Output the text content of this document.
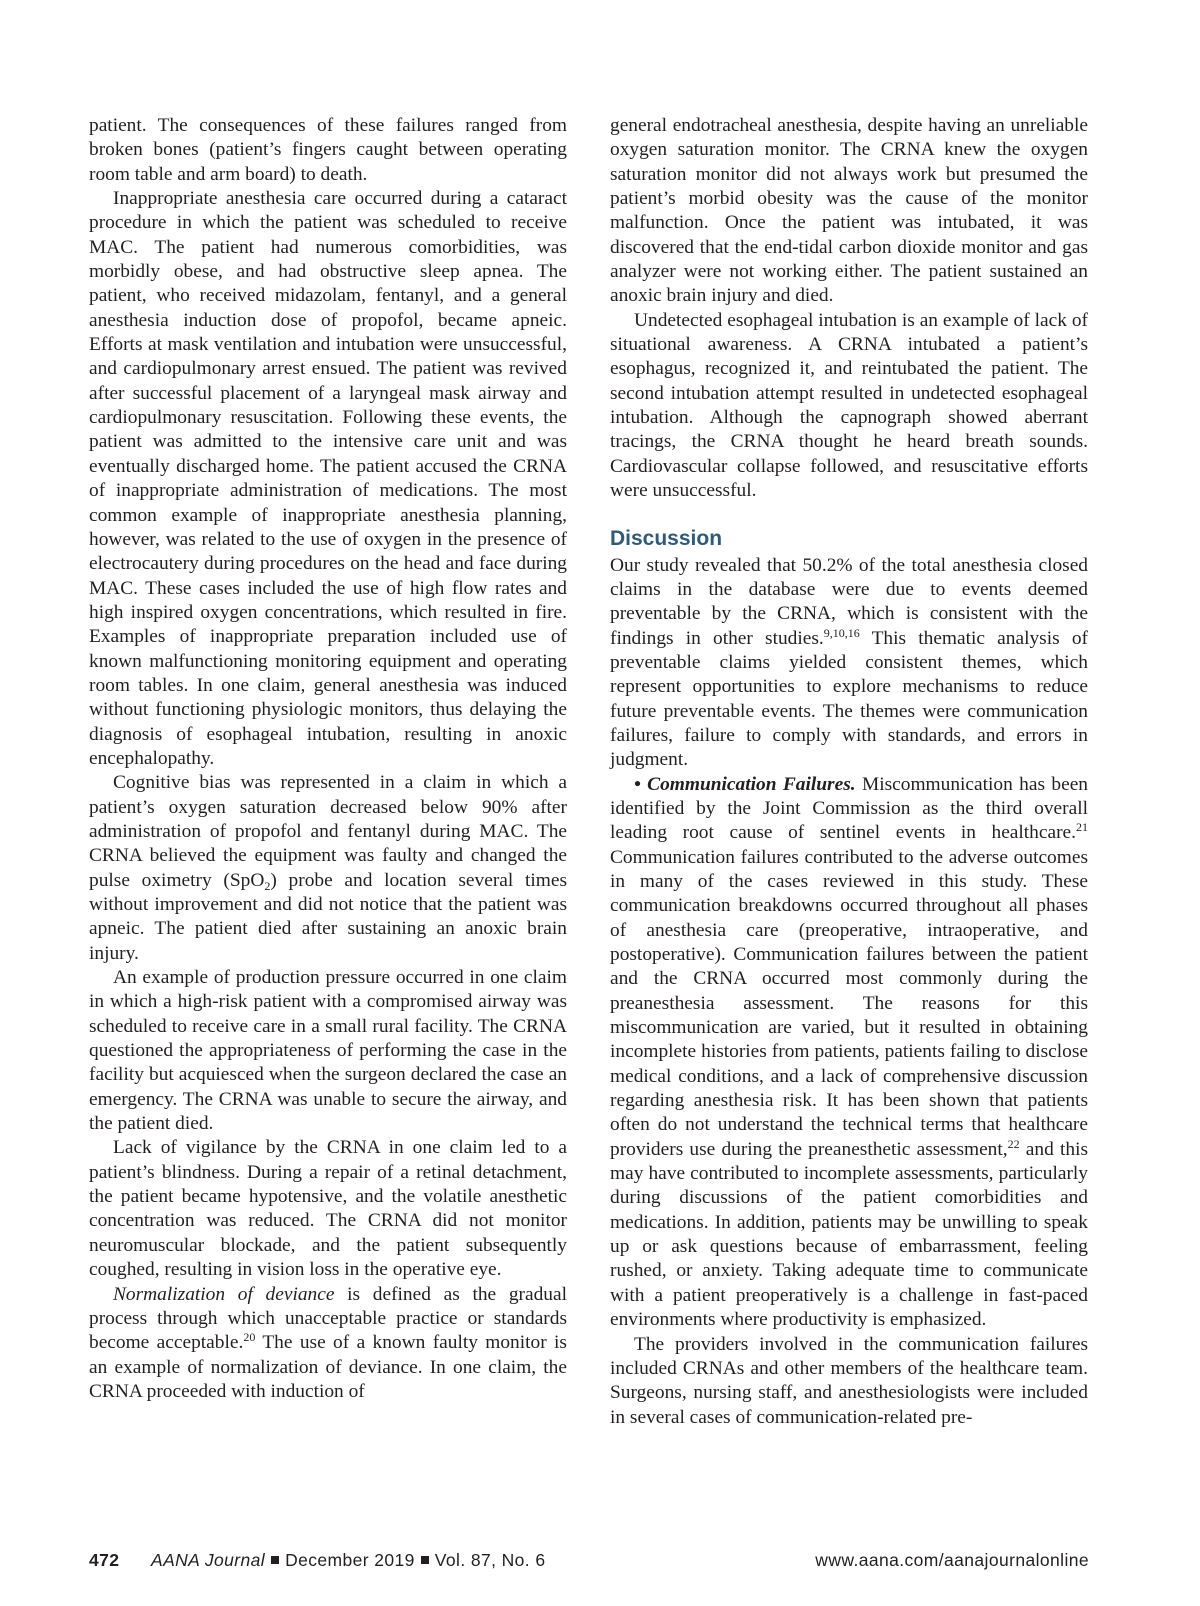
patient. The consequences of these failures ranged from broken bones (patient’s fingers caught between operating room table and arm board) to death.

Inappropriate anesthesia care occurred during a cataract procedure in which the patient was scheduled to receive MAC. The patient had numerous comorbidities, was morbidly obese, and had obstructive sleep apnea. The patient, who received midazolam, fentanyl, and a general anesthesia induction dose of propofol, became apneic. Efforts at mask ventilation and intubation were unsuccessful, and cardiopulmonary arrest ensued. The patient was revived after successful placement of a laryngeal mask airway and cardiopulmonary resuscitation. Following these events, the patient was admitted to the intensive care unit and was eventually discharged home. The patient accused the CRNA of inappropriate administration of medications. The most common example of inappropriate anesthesia planning, however, was related to the use of oxygen in the presence of electrocautery during procedures on the head and face during MAC. These cases included the use of high flow rates and high inspired oxygen concentrations, which resulted in fire. Examples of inappropriate preparation included use of known malfunctioning monitoring equipment and operating room tables. In one claim, general anesthesia was induced without functioning physiologic monitors, thus delaying the diagnosis of esophageal intubation, resulting in anoxic encephalopathy.

Cognitive bias was represented in a claim in which a patient’s oxygen saturation decreased below 90% after administration of propofol and fentanyl during MAC. The CRNA believed the equipment was faulty and changed the pulse oximetry (SpO$_2$) probe and location several times without improvement and did not notice that the patient was apneic. The patient died after sustaining an anoxic brain injury.

An example of production pressure occurred in one claim in which a high-risk patient with a compromised airway was scheduled to receive care in a small rural facility. The CRNA questioned the appropriateness of performing the case in the facility but acquiesced when the surgeon declared the case an emergency. The CRNA was unable to secure the airway, and the patient died.

Lack of vigilance by the CRNA in one claim led to a patient’s blindness. During a repair of a retinal detachment, the patient became hypotensive, and the volatile anesthetic concentration was reduced. The CRNA did not monitor neuromuscular blockade, and the patient subsequently coughed, resulting in vision loss in the operative eye.

Normalization of deviance is defined as the gradual process through which unacceptable practice or standards become acceptable.$^{20}$ The use of a known faulty monitor is an example of normalization of deviance. In one claim, the CRNA proceeded with induction of

general endotracheal anesthesia, despite having an unreliable oxygen saturation monitor. The CRNA knew the oxygen saturation monitor did not always work but presumed the patient’s morbid obesity was the cause of the monitor malfunction. Once the patient was intubated, it was discovered that the end-tidal carbon dioxide monitor and gas analyzer were not working either. The patient sustained an anoxic brain injury and died.

Undetected esophageal intubation is an example of lack of situational awareness. A CRNA intubated a patient’s esophagus, recognized it, and reintubated the patient. The second intubation attempt resulted in undetected esophageal intubation. Although the capnograph showed aberrant tracings, the CRNA thought he heard breath sounds. Cardiovascular collapse followed, and resuscitative efforts were unsuccessful.

Discussion

Our study revealed that 50.2% of the total anesthesia closed claims in the database were due to events deemed preventable by the CRNA, which is consistent with the findings in other studies.$^{9,10,16}$ This thematic analysis of preventable claims yielded consistent themes, which represent opportunities to explore mechanisms to reduce future preventable events. The themes were communication failures, failure to comply with standards, and errors in judgment.

• Communication Failures. Miscommunication has been identified by the Joint Commission as the third overall leading root cause of sentinel events in healthcare.$^{21}$ Communication failures contributed to the adverse outcomes in many of the cases reviewed in this study. These communication breakdowns occurred throughout all phases of anesthesia care (preoperative, intraoperative, and postoperative). Communication failures between the patient and the CRNA occurred most commonly during the preanesthesia assessment. The reasons for this miscommunication are varied, but it resulted in obtaining incomplete histories from patients, patients failing to disclose medical conditions, and a lack of comprehensive discussion regarding anesthesia risk. It has been shown that patients often do not understand the technical terms that healthcare providers use during the preanesthetic assessment,$^{22}$ and this may have contributed to incomplete assessments, particularly during discussions of the patient comorbidities and medications. In addition, patients may be unwilling to speak up or ask questions because of embarrassment, feeling rushed, or anxiety. Taking adequate time to communicate with a patient preoperatively is a challenge in fast-paced environments where productivity is emphasized.

The providers involved in the communication failures included CRNAs and other members of the healthcare team. Surgeons, nursing staff, and anesthesiologists were included in several cases of communication-related pre-

472 AANA Journal December 2019 Vol. 87, No. 6	www.aana.com/aanajournalonline
